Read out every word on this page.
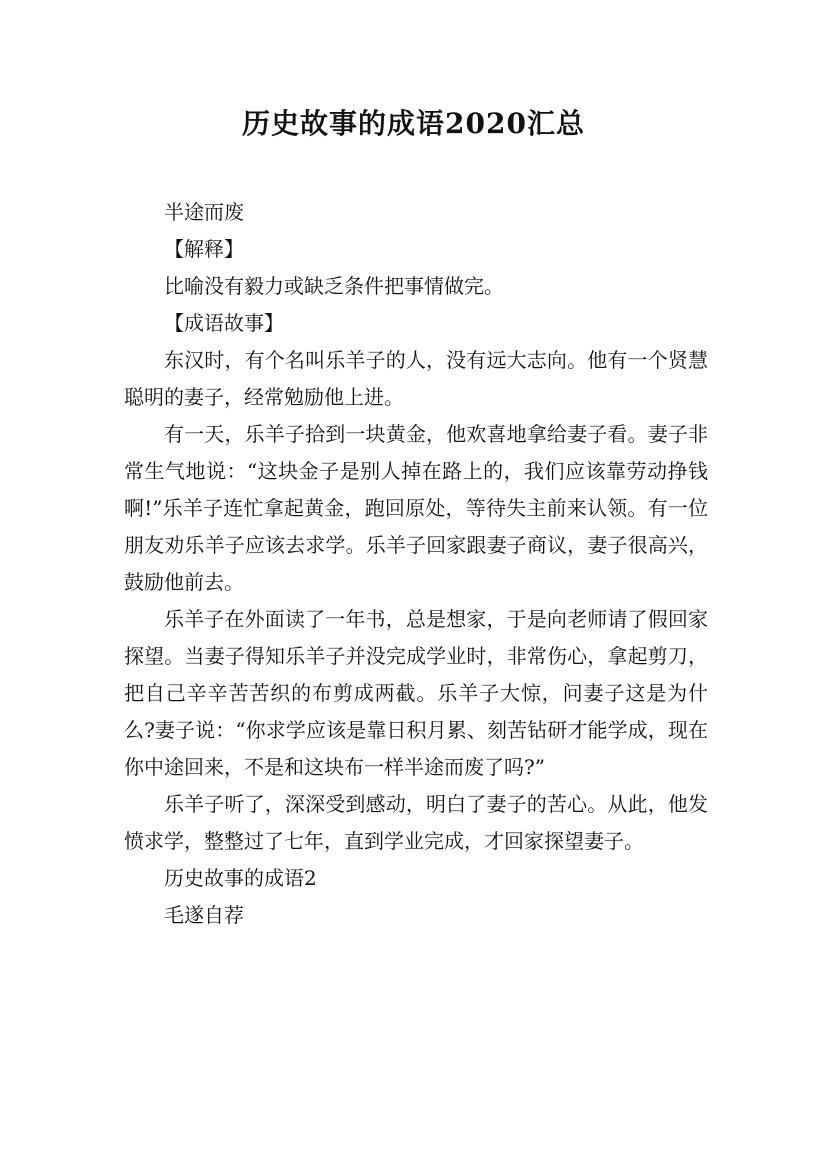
历史故事的成语2020汇总

半途而废

【解释】

比喻没有毅力或缺乏条件把事情做完。

【成语故事】

东汉时，有个名叫乐羊子的人，没有远大志向。他有一个贤慧聪明的妻子，经常勉励他上进。

有一天，乐羊子拾到一块黄金，他欢喜地拿给妻子看。妻子非常生气地说：“这块金子是别人掉在路上的，我们应该靠劳动挣钱啊!”乐羊子连忙拿起黄金，跑回原处，等待失主前来认领。有一位朋友劝乐羊子应该去求学。乐羊子回家跟妻子商议，妻子很高兴，鼓励他前去。

乐羊子在外面读了一年书，总是想家，于是向老师请了假回家探望。当妻子得知乐羊子并没完成学业时，非常伤心，拿起剪刀，把自己辛辛苦苦织的布剪成两截。乐羊子大惊，问妻子这是为什么?妻子说：“你求学应该是靠日积月累、刻苦钻研才能学成，现在你中途回来，不是和这块布一样半途而废了吗?”

乐羊子听了，深深受到感动，明白了妻子的苦心。从此，他发愤求学，整整过了七年，直到学业完成，才回家探望妻子。

历史故事的成语2

毛遂自荐
